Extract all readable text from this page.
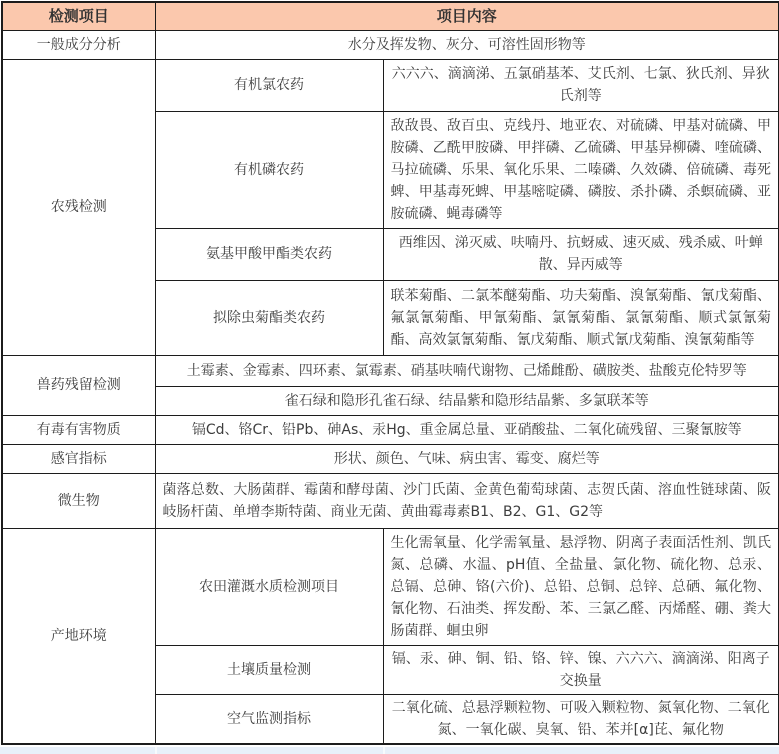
检测项目	项目内容	
一般成分分析	水分及挥发物、灰分、可溶性固形物等	
农残检测	有机氯农药	六六六、滴滴涕、五氯硝基苯、艾氏剂、七氯、狄氏剂、异狄氏剂等
	有机磷农药	敌敌畏、敌百虫、克线丹、地亚农、对硫磷、甲基对硫磷、甲胺磷、乙酰甲胺磷、甲拌磷、乙硫磷、甲基异柳磷、喹硫磷、马拉硫磷、乐果、氧化乐果、二嗪磷、久效磷、倍硫磷、毒死蜱、甲基毒死蜱、甲基嘧啶磷、磷胺、杀扑磷、杀螟硫磷、亚胺硫磷、蝇毒磷等
	氨基甲酸甲酯类农药	西维因、涕灭威、呋喃丹、抗蚜威、速灭威、残杀威、叶蝉散、异丙威等
	拟除虫菊酯类农药	联苯菊酯、二氯苯醚菊酯、功夫菊酯、溴氰菊酯、氰戊菊酯、氟氯氰菊酯、甲氰菊酯、氯氰菊酯、氯氰菊酯、顺式氯氰菊酯、高效氯氰菊酯、氰戊菊酯、顺式氰戊菊酯、溴氰菊酯等
兽药残留检测	土霉素、金霉素、四环素、氯霉素、硝基呋喃代谢物、己烯雌酚、磺胺类、盐酸克伦特罗等	
	雀石绿和隐形孔雀石绿、结晶紫和隐形结晶紫、多氯联苯等	
有毒有害物质	镉Cd、铬Cr、铅Pb、砷As、汞Hg、重金属总量、亚硝酸盐、二氧化硫残留、三聚氰胺等	
感官指标	形状、颜色、气味、病虫害、霉变、腐烂等	
微生物	菌落总数、大肠菌群、霉菌和酵母菌、沙门氏菌、金黄色葡萄球菌、志贺氏菌、溶血性链球菌、阪岐肠杆菌、单增李斯特菌、商业无菌、黄曲霉毒素B1、B2、G1、G2等	
产地环境	农田灌溉水质检测项目	生化需氧量、化学需氧量、悬浮物、阴离子表面活性剂、凯氏氮、总磷、水温、pH值、全盐量、氯化物、硫化物、总汞、总镉、总砷、铬(六价)、总铅、总铜、总锌、总硒、氟化物、氰化物、石油类、挥发酚、苯、三氯乙醛、丙烯醛、硼、粪大肠菌群、蛔虫卵
	土壤质量检测	镉、汞、砷、铜、铅、铬、锌、镍、六六六、滴滴涕、阳离子交换量
	空气监测指标	二氧化硫、总悬浮颗粒物、可吸入颗粒物、氮氧化物、二氧化氮、一氧化碳、臭氧、铅、苯并[α]芘、氟化物
